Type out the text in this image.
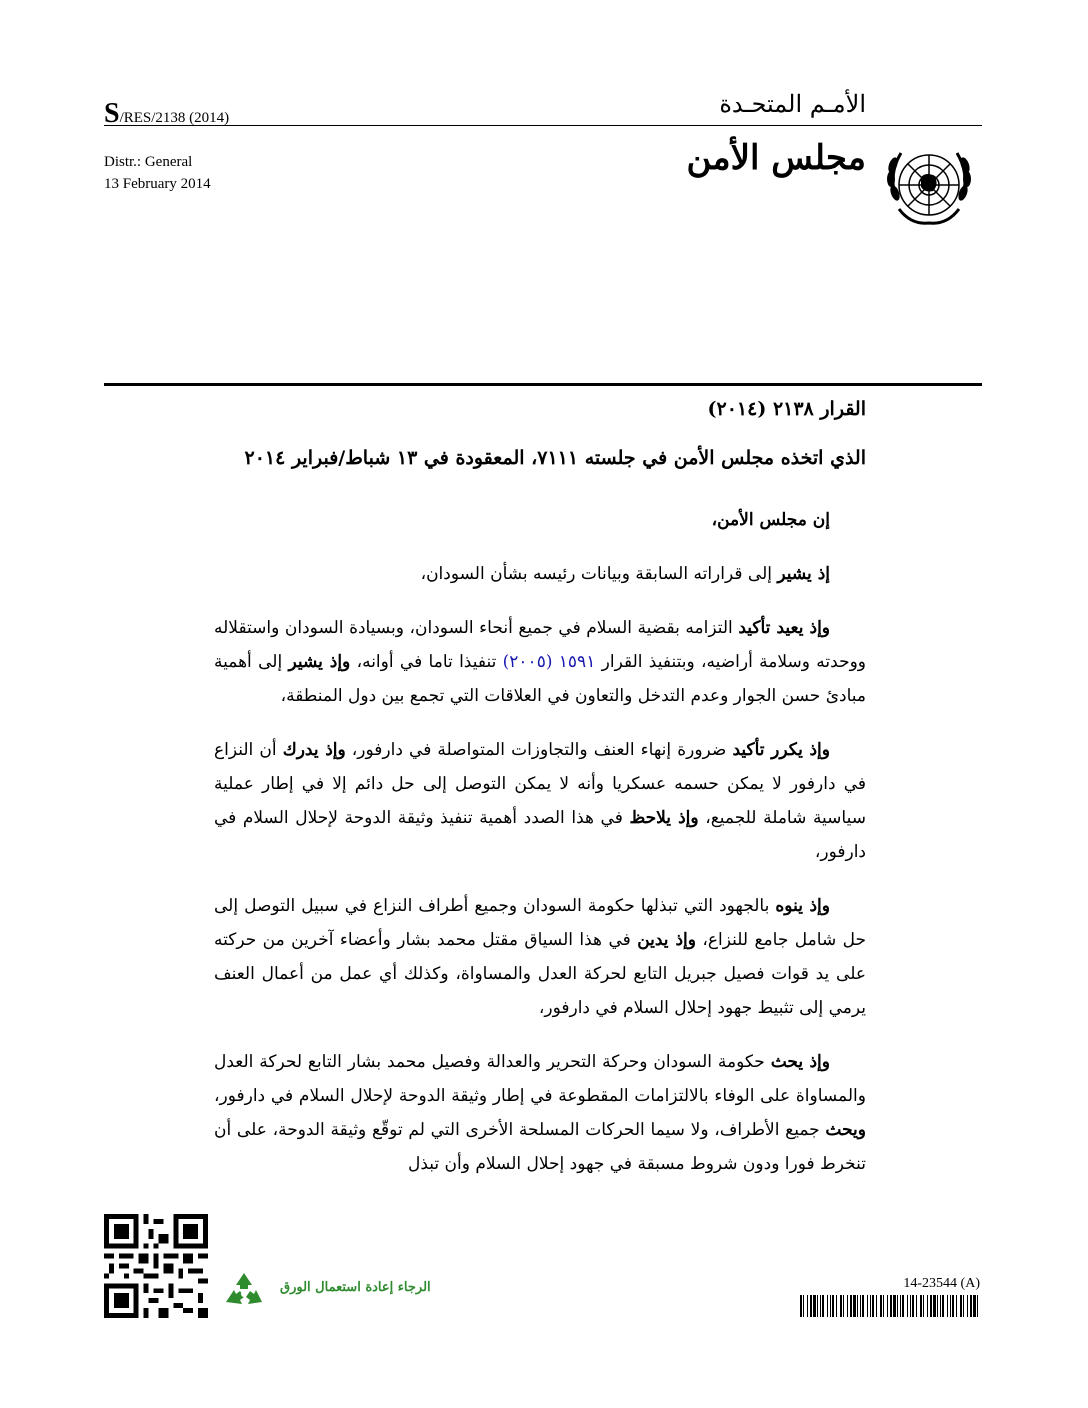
S/RES/2138 (2014)
Distr.: General
13 February 2014
الأمـم المتحـدة
مجلس الأمن
القرار ٢١٣٨ (٢٠١٤)
الذي اتخذه مجلس الأمن في جلسته ٧١١١، المعقودة في ١٣ شباط/فبراير ٢٠١٤

إن مجلس الأمن،

إذ يشير إلى قراراته السابقة وبيانات رئيسه بشأن السودان،

وإذ يعيد تأكيد التزامه بقضية السلام في جميع أنحاء السودان، وبسيادة السودان واستقلاله ووحدته وسلامة أراضيه، وبتنفيذ القرار ١٥٩١ (٢٠٠٥) تنفيذا تاما في أوانه، وإذ يشير إلى أهمية مبادئ حسن الجوار وعدم التدخل والتعاون في العلاقات التي تجمع بين دول المنطقة،

وإذ يكرر تأكيد ضرورة إنهاء العنف والتجاوزات المتواصلة في دارفور، وإذ يدرك أن النزاع في دارفور لا يمكن حسمه عسكريا وأنه لا يمكن التوصل إلى حل دائم إلا في إطار عملية سياسية شاملة للجميع، وإذ يلاحظ في هذا الصدد أهمية تنفيذ وثيقة الدوحة لإحلال السلام في دارفور،

وإذ ينوه بالجهود التي تبذلها حكومة السودان وجميع أطراف النزاع في سبيل التوصل إلى حل شامل جامع للنزاع، وإذ يدين في هذا السياق مقتل محمد بشار وأعضاء آخرين من حركته على يد قوات فصيل جبريل التابع لحركة العدل والمساواة، وكذلك أي عمل من أعمال العنف يرمي إلى تثبيط جهود إحلال السلام في دارفور،

وإذ يحث حكومة السودان وحركة التحرير والعدالة وفصيل محمد بشار التابع لحركة العدل والمساواة على الوفاء بالالتزامات المقطوعة في إطار وثيقة الدوحة لإحلال السلام في دارفور، ويحث جميع الأطراف، ولا سيما الحركات المسلحة الأخرى التي لم توقّع وثيقة الدوحة، على أن تنخرط فورا ودون شروط مسبقة في جهود إحلال السلام وأن تبذل

الرجاء إعادة استعمال الورق	14-23544 (A)
